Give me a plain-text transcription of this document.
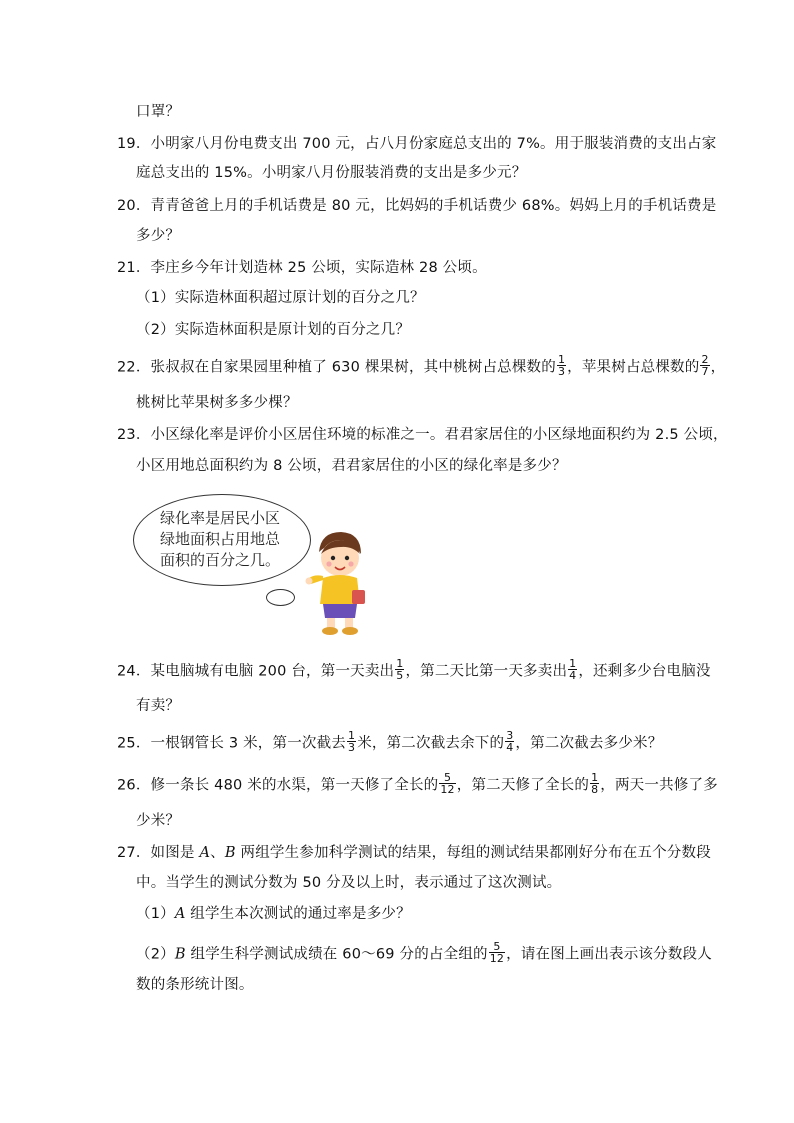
口罩？
19．小明家八月份电费支出 700 元，占八月份家庭总支出的 7%。用于服装消费的支出占家
庭总支出的 15%。小明家八月份服装消费的支出是多少元？
20．青青爸爸上月的手机话费是 80 元，比妈妈的手机话费少 68%。妈妈上月的手机话费是
多少？
21．李庄乡今年计划造林 25 公顷，实际造林 28 公顷。
（1）实际造林面积超过原计划的百分之几？
（2）实际造林面积是原计划的百分之几？
22．张叔叔在自家果园里种植了 630 棵果树，其中桃树占总棵数的 $\frac{1}{3}$ ，苹果树占总棵数的 $\frac{2}{7}$ ，
桃树比苹果树多多少棵？
23．小区绿化率是评价小区居住环境的标准之一。君君家居住的小区绿地面积约为 2.5 公顷，
小区用地总面积约为 8 公顷，君君家居住的小区的绿化率是多少？
绿化率是居民小区
绿地面积占用地总
面积的百分之几。
24．某电脑城有电脑 200 台，第一天卖出 $\frac{1}{5}$ ，第二天比第一天多卖出 $\frac{1}{4}$ ，还剩多少台电脑没
有卖？
25．一根钢管长 3 米，第一次截去 $\frac{1}{3}$ 米，第二次截去余下的 $\frac{3}{4}$ ，第二次截去多少米？
26．修一条长 480 米的水渠，第一天修了全长的 $\frac{5}{12}$ ，第二天修了全长的 $\frac{1}{8}$ ，两天一共修了多
少米？
27．如图是 A、B 两组学生参加科学测试的结果，每组的测试结果都刚好分布在五个分数段
中。当学生的测试分数为 50 分及以上时，表示通过了这次测试。
（1）A 组学生本次测试的通过率是多少？
（2）B 组学生科学测试成绩在 60～69 分的占全组的 $\frac{5}{12}$ ，请在图上画出表示该分数段人
数的条形统计图。
